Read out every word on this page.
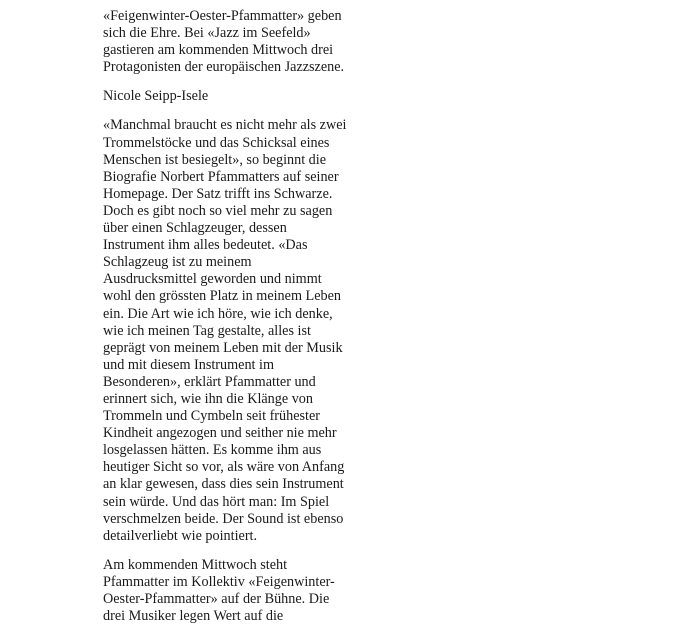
«Feigenwinter-Oester-Pfammatter» geben
sich die Ehre. Bei «Jazz im Seefeld»
gastieren am kommenden Mittwoch drei
Protagonisten der europäischen Jazzszene.

Nicole Seipp-Isele

«Manchmal braucht es nicht mehr als zwei
Trommelstöcke und das Schicksal eines
Menschen ist besiegelt», so beginnt die
Biografie Norbert Pfammatters auf seiner
Homepage. Der Satz trifft ins Schwarze.
Doch es gibt noch so viel mehr zu sagen
über einen Schlagzeuger, dessen
Instrument ihm alles bedeutet. «Das
Schlagzeug ist zu meinem
Ausdrucksmittel geworden und nimmt
wohl den grössten Platz in meinem Leben
ein. Die Art wie ich höre, wie ich denke,
wie ich meinen Tag gestalte, alles ist
geprägt von meinem Leben mit der Musik
und mit diesem Instrument im
Besonderen», erklärt Pfammatter und
erinnert sich, wie ihn die Klänge von
Trommeln und Cymbeln seit frühester
Kindheit angezogen und seither nie mehr
losgelassen hätten. Es komme ihm aus
heutiger Sicht so vor, als wäre von Anfang
an klar gewesen, dass dies sein Instrument
sein würde. Und das hört man: Im Spiel
verschmelzen beide. Der Sound ist ebenso
detailverliebt wie pointiert.

Am kommenden Mittwoch steht
Pfammatter im Kollektiv «Feigenwinter-
Oester-Pfammatter» auf der Bühne. Die
drei Musiker legen Wert auf die
